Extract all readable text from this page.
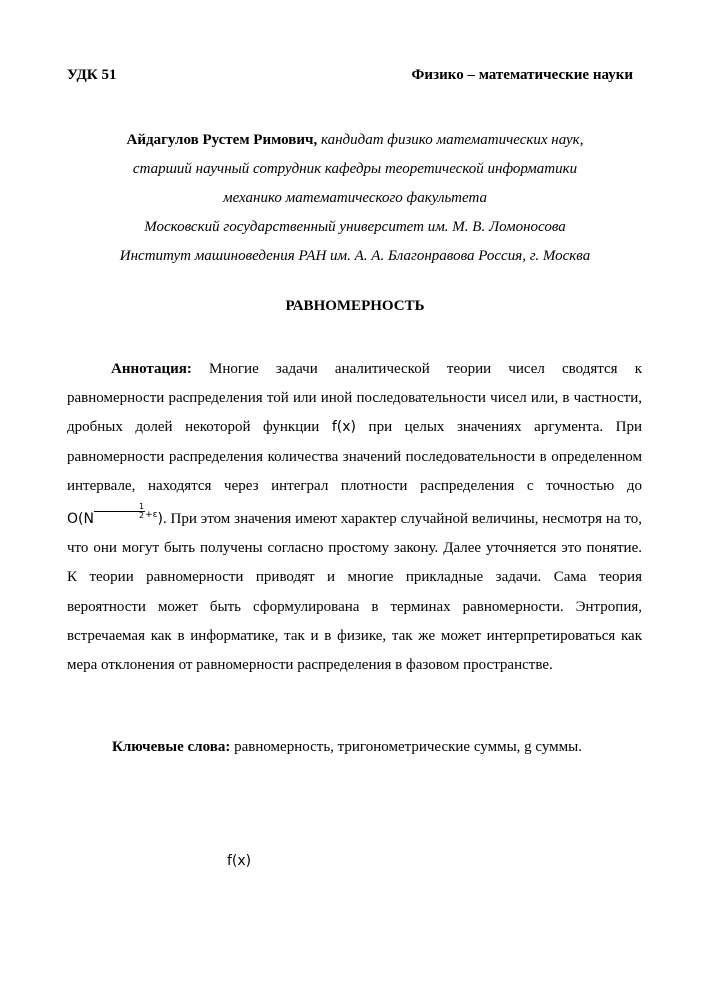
УДК 51	Физико – математические науки
Айдагулов Рустем Римович, кандидат физико математических наук,
старший научный сотрудник кафедры теоретической информатики
механико математического факультета
Московский государственный университет им. М. В. Ломоносова
Институт машиноведения РАН им. А. А. Благонравова Россия, г. Москва
РАВНОМЕРНОСТЬ
Аннотация: Многие задачи аналитической теории чисел сводятся к равномерности распределения той или иной последовательности чисел или, в частности, дробных долей некоторой функции f(x) при целых значениях аргумента. При равномерности распределения количества значений последовательности в определенном интервале, находятся через интеграл плотности распределения с точностью до $O(N \frac{1}{2} ^{+\varepsilon})$. При этом значения имеют характер случайной величины, несмотря на то, что они могут быть получены согласно простому закону. Далее уточняется это понятие. К теории равномерности приводят и многие прикладные задачи. Сама теория вероятности может быть сформулирована в терминах равномерности. Энтропия, встречаемая как в информатике, так и в физике, так же может интерпретироваться как мера отклонения от равномерности распределения в фазовом пространстве.
Ключевые слова: равномерность, тригонометрические суммы, g суммы.
f(x)
